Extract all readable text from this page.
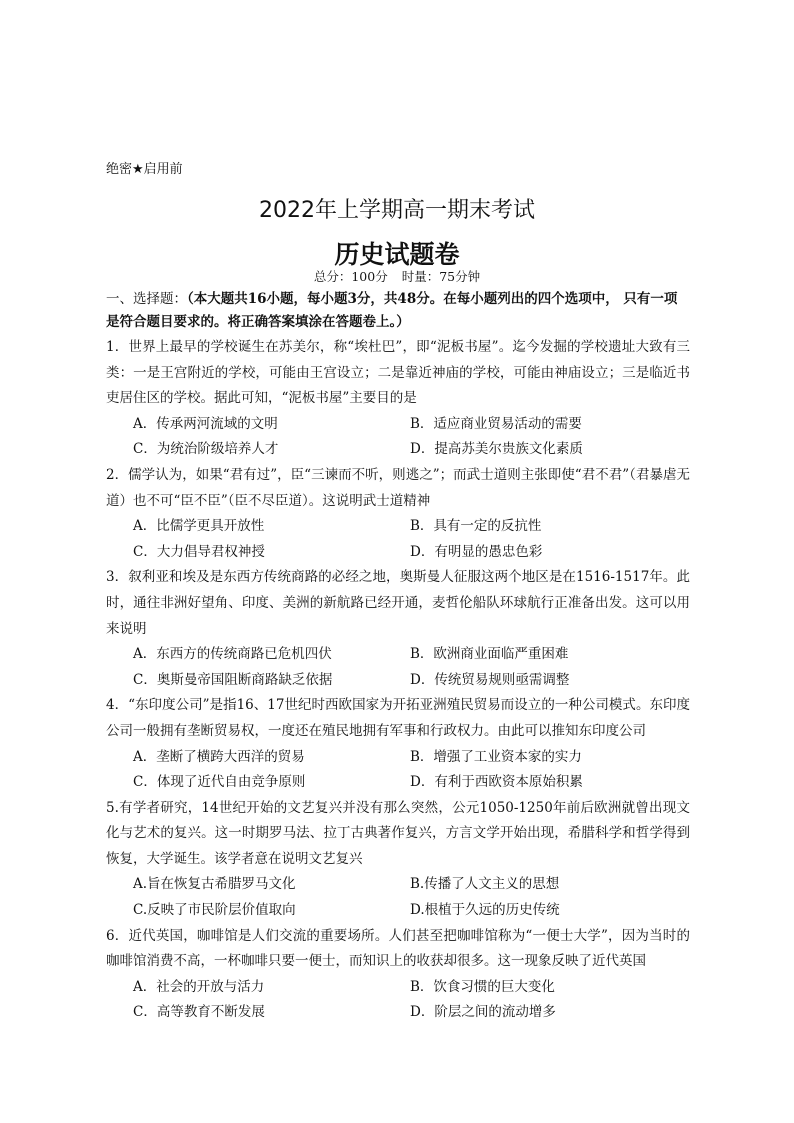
绝密★启用前
2022年上学期高一期末考试
历史试题卷
总分：100分 时量：75分钟
一、选择题：（本大题共16小题，每小题3分，共48分。在每小题列出的四个选项中， 只有一项是符合题目要求的。将正确答案填涂在答题卷上。）
1．世界上最早的学校诞生在苏美尔，称“埃杜巴”，即“泥板书屋”。迄今发掘的学校遗址大致有三类：一是王宫附近的学校，可能由王宫设立；二是靠近神庙的学校，可能由神庙设立；三是临近书吏居住区的学校。据此可知，“泥板书屋”主要目的是
A．传承两河流域的文明	B．适应商业贸易活动的需要
C．为统治阶级培养人才	D．提高苏美尔贵族文化素质
2．儒学认为，如果“君有过”，臣“三谏而不听，则逃之”；而武士道则主张即使“君不君”（君暴虐无道）也不可“臣不臣”（臣不尽臣道）。这说明武士道精神
A．比儒学更具开放性	B．具有一定的反抗性
C．大力倡导君权神授	D．有明显的愚忠色彩
3．叙利亚和埃及是东西方传统商路的必经之地，奥斯曼人征服这两个地区是在1516-1517年。此时，通往非洲好望角、印度、美洲的新航路已经开通，麦哲伦船队环球航行正准备出发。这可以用来说明
A．东西方的传统商路已危机四伏	B．欧洲商业面临严重困难
C．奥斯曼帝国阻断商路缺乏依据	D．传统贸易规则亟需调整
4．“东印度公司”是指16、17世纪时西欧国家为开拓亚洲殖民贸易而设立的一种公司模式。东印度公司一般拥有垄断贸易权，一度还在殖民地拥有军事和行政权力。由此可以推知东印度公司
A．垄断了横跨大西洋的贸易	B．增强了工业资本家的实力
C．体现了近代自由竞争原则	D．有利于西欧资本原始积累
5.有学者研究，14世纪开始的文艺复兴并没有那么突然，公元1050-1250年前后欧洲就曾出现文化与艺术的复兴。这一时期罗马法、拉丁古典著作复兴，方言文学开始出现，希腊科学和哲学得到恢复，大学诞生。该学者意在说明文艺复兴
A.旨在恢复古希腊罗马文化	B.传播了人文主义的思想
C.反映了市民阶层价值取向	D.根植于久远的历史传统
6．近代英国，咖啡馆是人们交流的重要场所。人们甚至把咖啡馆称为“一便士大学”，因为当时的咖啡馆消费不高，一杯咖啡只要一便士，而知识上的收获却很多。这一现象反映了近代英国
A．社会的开放与活力	B．饮食习惯的巨大变化
C．高等教育不断发展	D．阶层之间的流动增多
